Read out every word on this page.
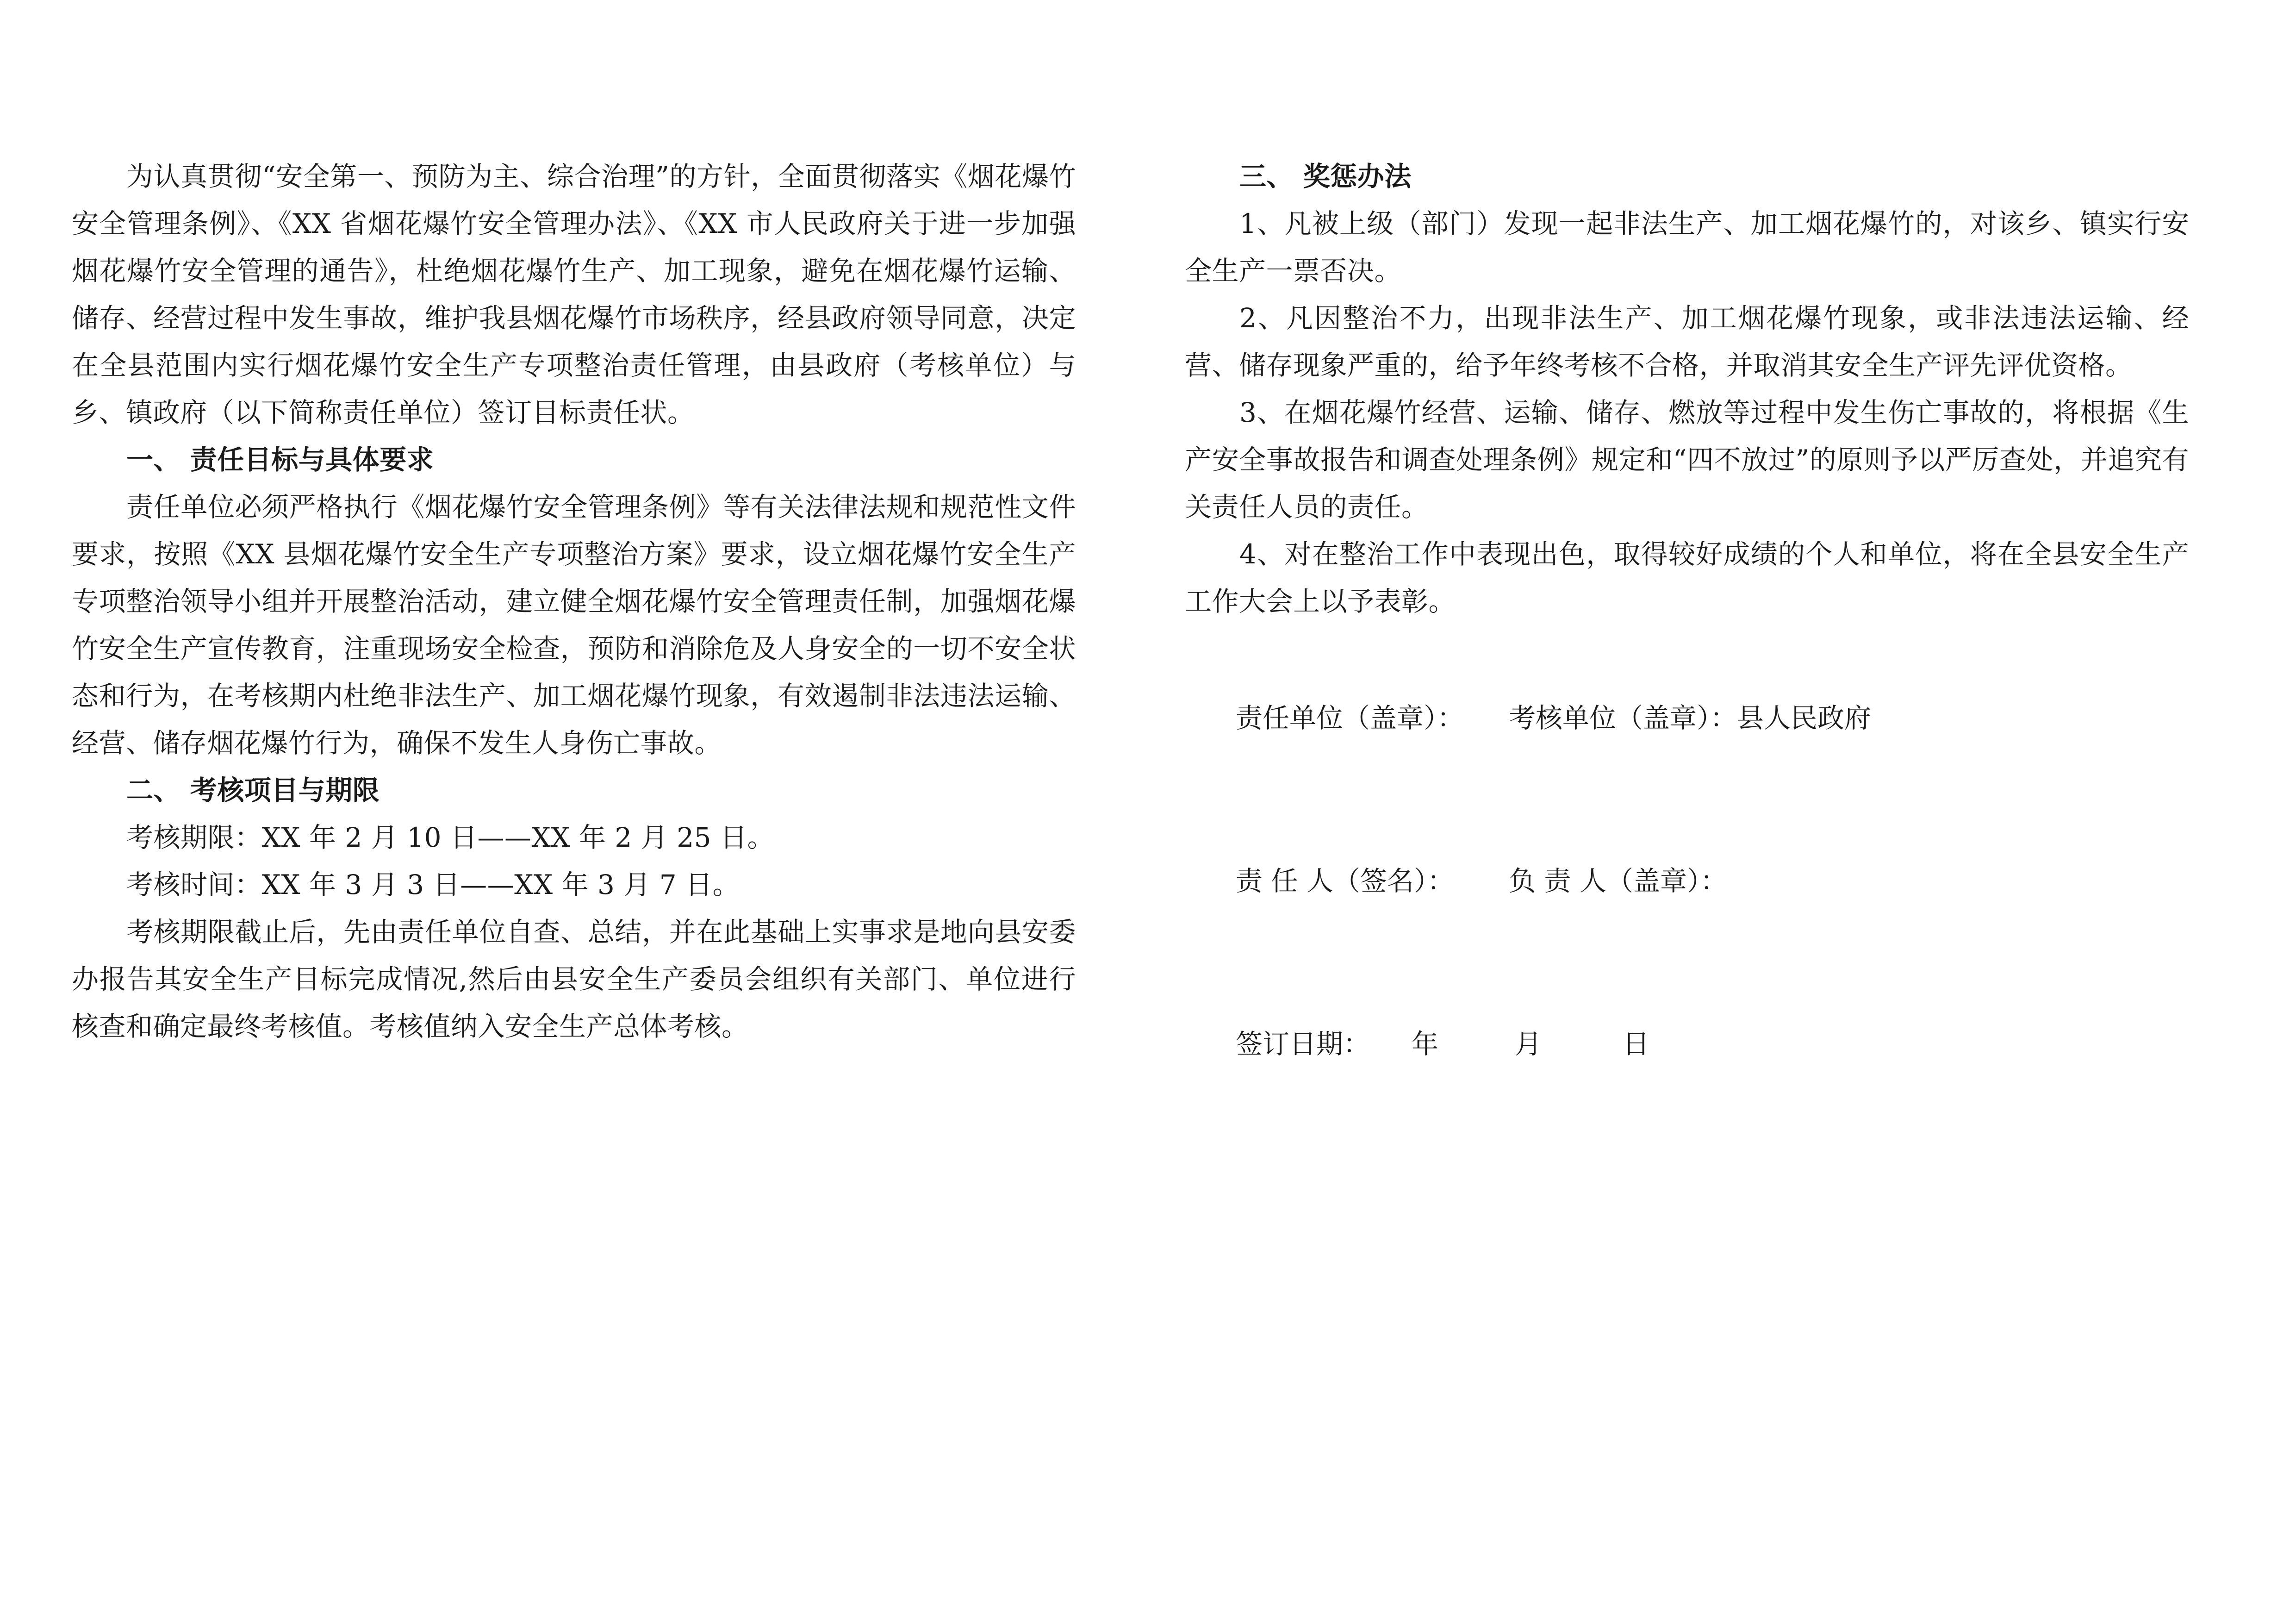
为认真贯彻“安全第一、预防为主、综合治理”的方针，全面贯彻落实《烟花爆竹安全管理条例》、《XX 省烟花爆竹安全管理办法》、《XX 市人民政府关于进一步加强烟花爆竹安全管理的通告》，杜绝烟花爆竹生产、加工现象，避免在烟花爆竹运输、储存、经营过程中发生事故，维护我县烟花爆竹市场秩序，经县政府领导同意，决定在全县范围内实行烟花爆竹安全生产专项整治责任管理，由县政府（考核单位）与乡、镇政府（以下简称责任单位）签订目标责任状。

一、 责任目标与具体要求

责任单位必须严格执行《烟花爆竹安全管理条例》等有关法律法规和规范性文件要求，按照《XX 县烟花爆竹安全生产专项整治方案》要求，设立烟花爆竹安全生产专项整治领导小组并开展整治活动，建立健全烟花爆竹安全管理责任制，加强烟花爆竹安全生产宣传教育，注重现场安全检查，预防和消除危及人身安全的一切不安全状态和行为，在考核期内杜绝非法生产、加工烟花爆竹现象，有效遏制非法违法运输、经营、储存烟花爆竹行为，确保不发生人身伤亡事故。

二、 考核项目与期限

考核期限：XX 年 2 月 10 日——XX 年 2 月 25 日。

考核时间：XX 年 3 月 3 日——XX 年 3 月 7 日。

考核期限截止后，先由责任单位自查、总结，并在此基础上实事求是地向县安委办报告其安全生产目标完成情况,然后由县安全生产委员会组织有关部门、单位进行核查和确定最终考核值。考核值纳入安全生产总体考核。

三、 奖惩办法

1、凡被上级（部门）发现一起非法生产、加工烟花爆竹的，对该乡、镇实行安全生产一票否决。

2、凡因整治不力，出现非法生产、加工烟花爆竹现象，或非法违法运输、经营、储存现象严重的，给予年终考核不合格，并取消其安全生产评先评优资格。

3、在烟花爆竹经营、运输、储存、燃放等过程中发生伤亡事故的，将根据《生产安全事故报告和调查处理条例》规定和“四不放过”的原则予以严厉查处，并追究有关责任人员的责任。

4、对在整治工作中表现出色，取得较好成绩的个人和单位，将在全县安全生产工作大会上以予表彰。

责任单位（盖章）：	考核单位（盖章）：县人民政府
责 任 人（签名）：	负 责 人（盖章）：
签订日期：	年	月	日
